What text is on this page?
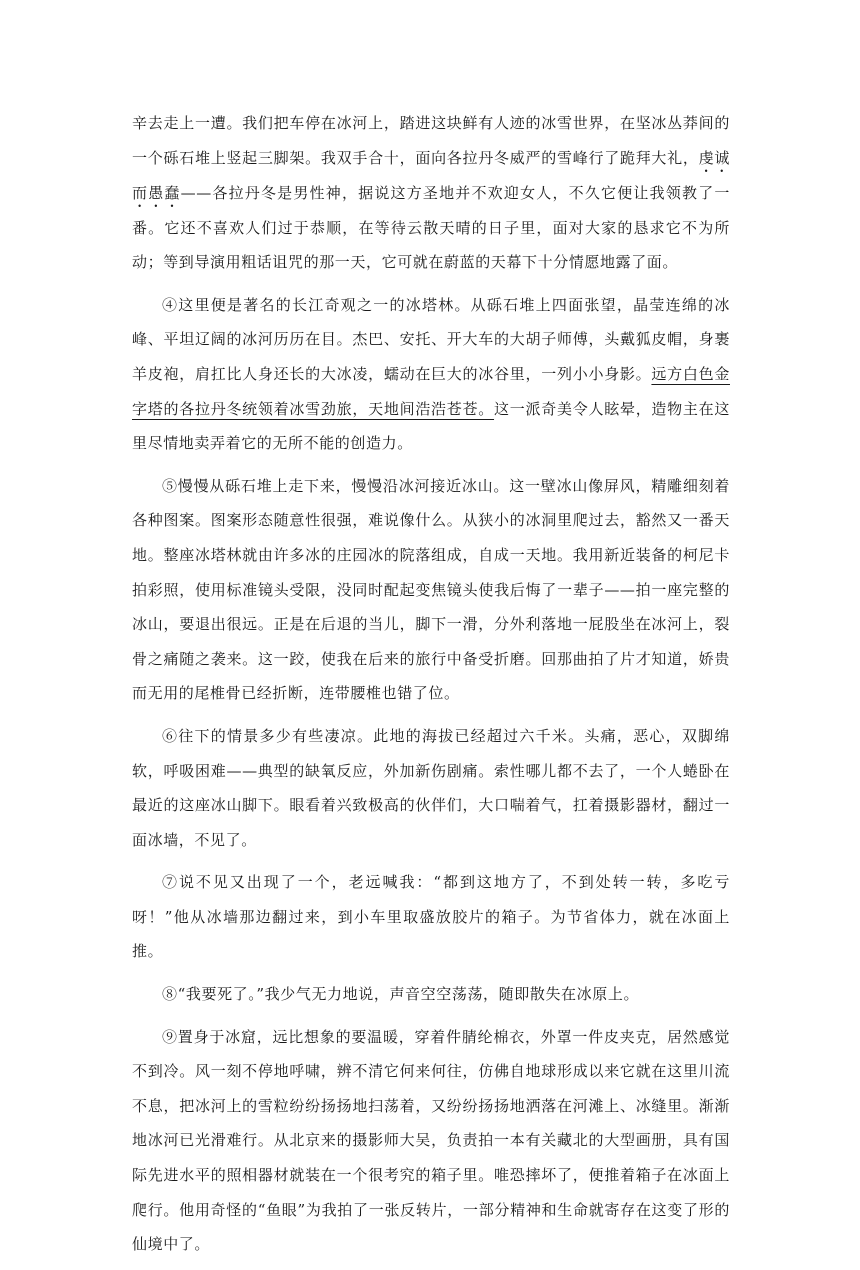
辛去走上一遭。我们把车停在冰河上，踏进这块鲜有人迹的冰雪世界，在坚冰丛莽间的一个砾石堆上竖起三脚架。我双手合十，面向各拉丹冬威严的雪峰行了跪拜大礼，虔诚而愚蠢——各拉丹冬是男性神，据说这方圣地并不欢迎女人，不久它便让我领教了一番。它还不喜欢人们过于恭顺，在等待云散天晴的日子里，面对大家的恳求它不为所动；等到导演用粗话诅咒的那一天，它可就在蔚蓝的天幕下十分情愿地露了面。

④这里便是著名的长江奇观之一的冰塔林。从砾石堆上四面张望，晶莹连绵的冰峰、平坦辽阔的冰河历历在目。杰巴、安托、开大车的大胡子师傅，头戴狐皮帽，身裹羊皮袍，肩扛比人身还长的大冰凌，蠕动在巨大的冰谷里，一列小小身影。远方白色金字塔的各拉丹冬统领着冰雪劲旅，天地间浩浩苍苍。这一派奇美令人眩晕，造物主在这里尽情地卖弄着它的无所不能的创造力。

⑤慢慢从砾石堆上走下来，慢慢沿冰河接近冰山。这一壁冰山像屏风，精雕细刻着各种图案。图案形态随意性很强，难说像什么。从狭小的冰洞里爬过去，豁然又一番天地。整座冰塔林就由许多冰的庄园冰的院落组成，自成一天地。我用新近装备的柯尼卡拍彩照，使用标准镜头受限，没同时配起变焦镜头使我后悔了一辈子——拍一座完整的冰山，要退出很远。正是在后退的当儿，脚下一滑，分外利落地一屁股坐在冰河上，裂骨之痛随之袭来。这一跤，使我在后来的旅行中备受折磨。回那曲拍了片才知道，娇贵而无用的尾椎骨已经折断，连带腰椎也错了位。

⑥往下的情景多少有些凄凉。此地的海拔已经超过六千米。头痛，恶心，双脚绵软，呼吸困难——典型的缺氧反应，外加新伤剧痛。索性哪儿都不去了，一个人蜷卧在最近的这座冰山脚下。眼看着兴致极高的伙伴们，大口喘着气，扛着摄影器材，翻过一面冰墙，不见了。

⑦说不见又出现了一个，老远喊我：“都到这地方了，不到处转一转，多吃亏呀！”他从冰墙那边翻过来，到小车里取盛放胶片的箱子。为节省体力，就在冰面上推。

⑧“我要死了。”我少气无力地说，声音空空荡荡，随即散失在冰原上。

⑨置身于冰窟，远比想象的要温暖，穿着件腈纶棉衣，外罩一件皮夹克，居然感觉不到冷。风一刻不停地呼啸，辨不清它何来何往，仿佛自地球形成以来它就在这里川流不息，把冰河上的雪粒纷纷扬扬地扫荡着，又纷纷扬扬地洒落在河滩上、冰缝里。渐渐地冰河已光滑难行。从北京来的摄影师大吴，负责拍一本有关藏北的大型画册，具有国际先进水平的照相器材就装在一个很考究的箱子里。唯恐摔坏了，便推着箱子在冰面上爬行。他用奇怪的“鱼眼”为我拍了一张反转片，一部分精神和生命就寄存在这变了形的仙境中了。
